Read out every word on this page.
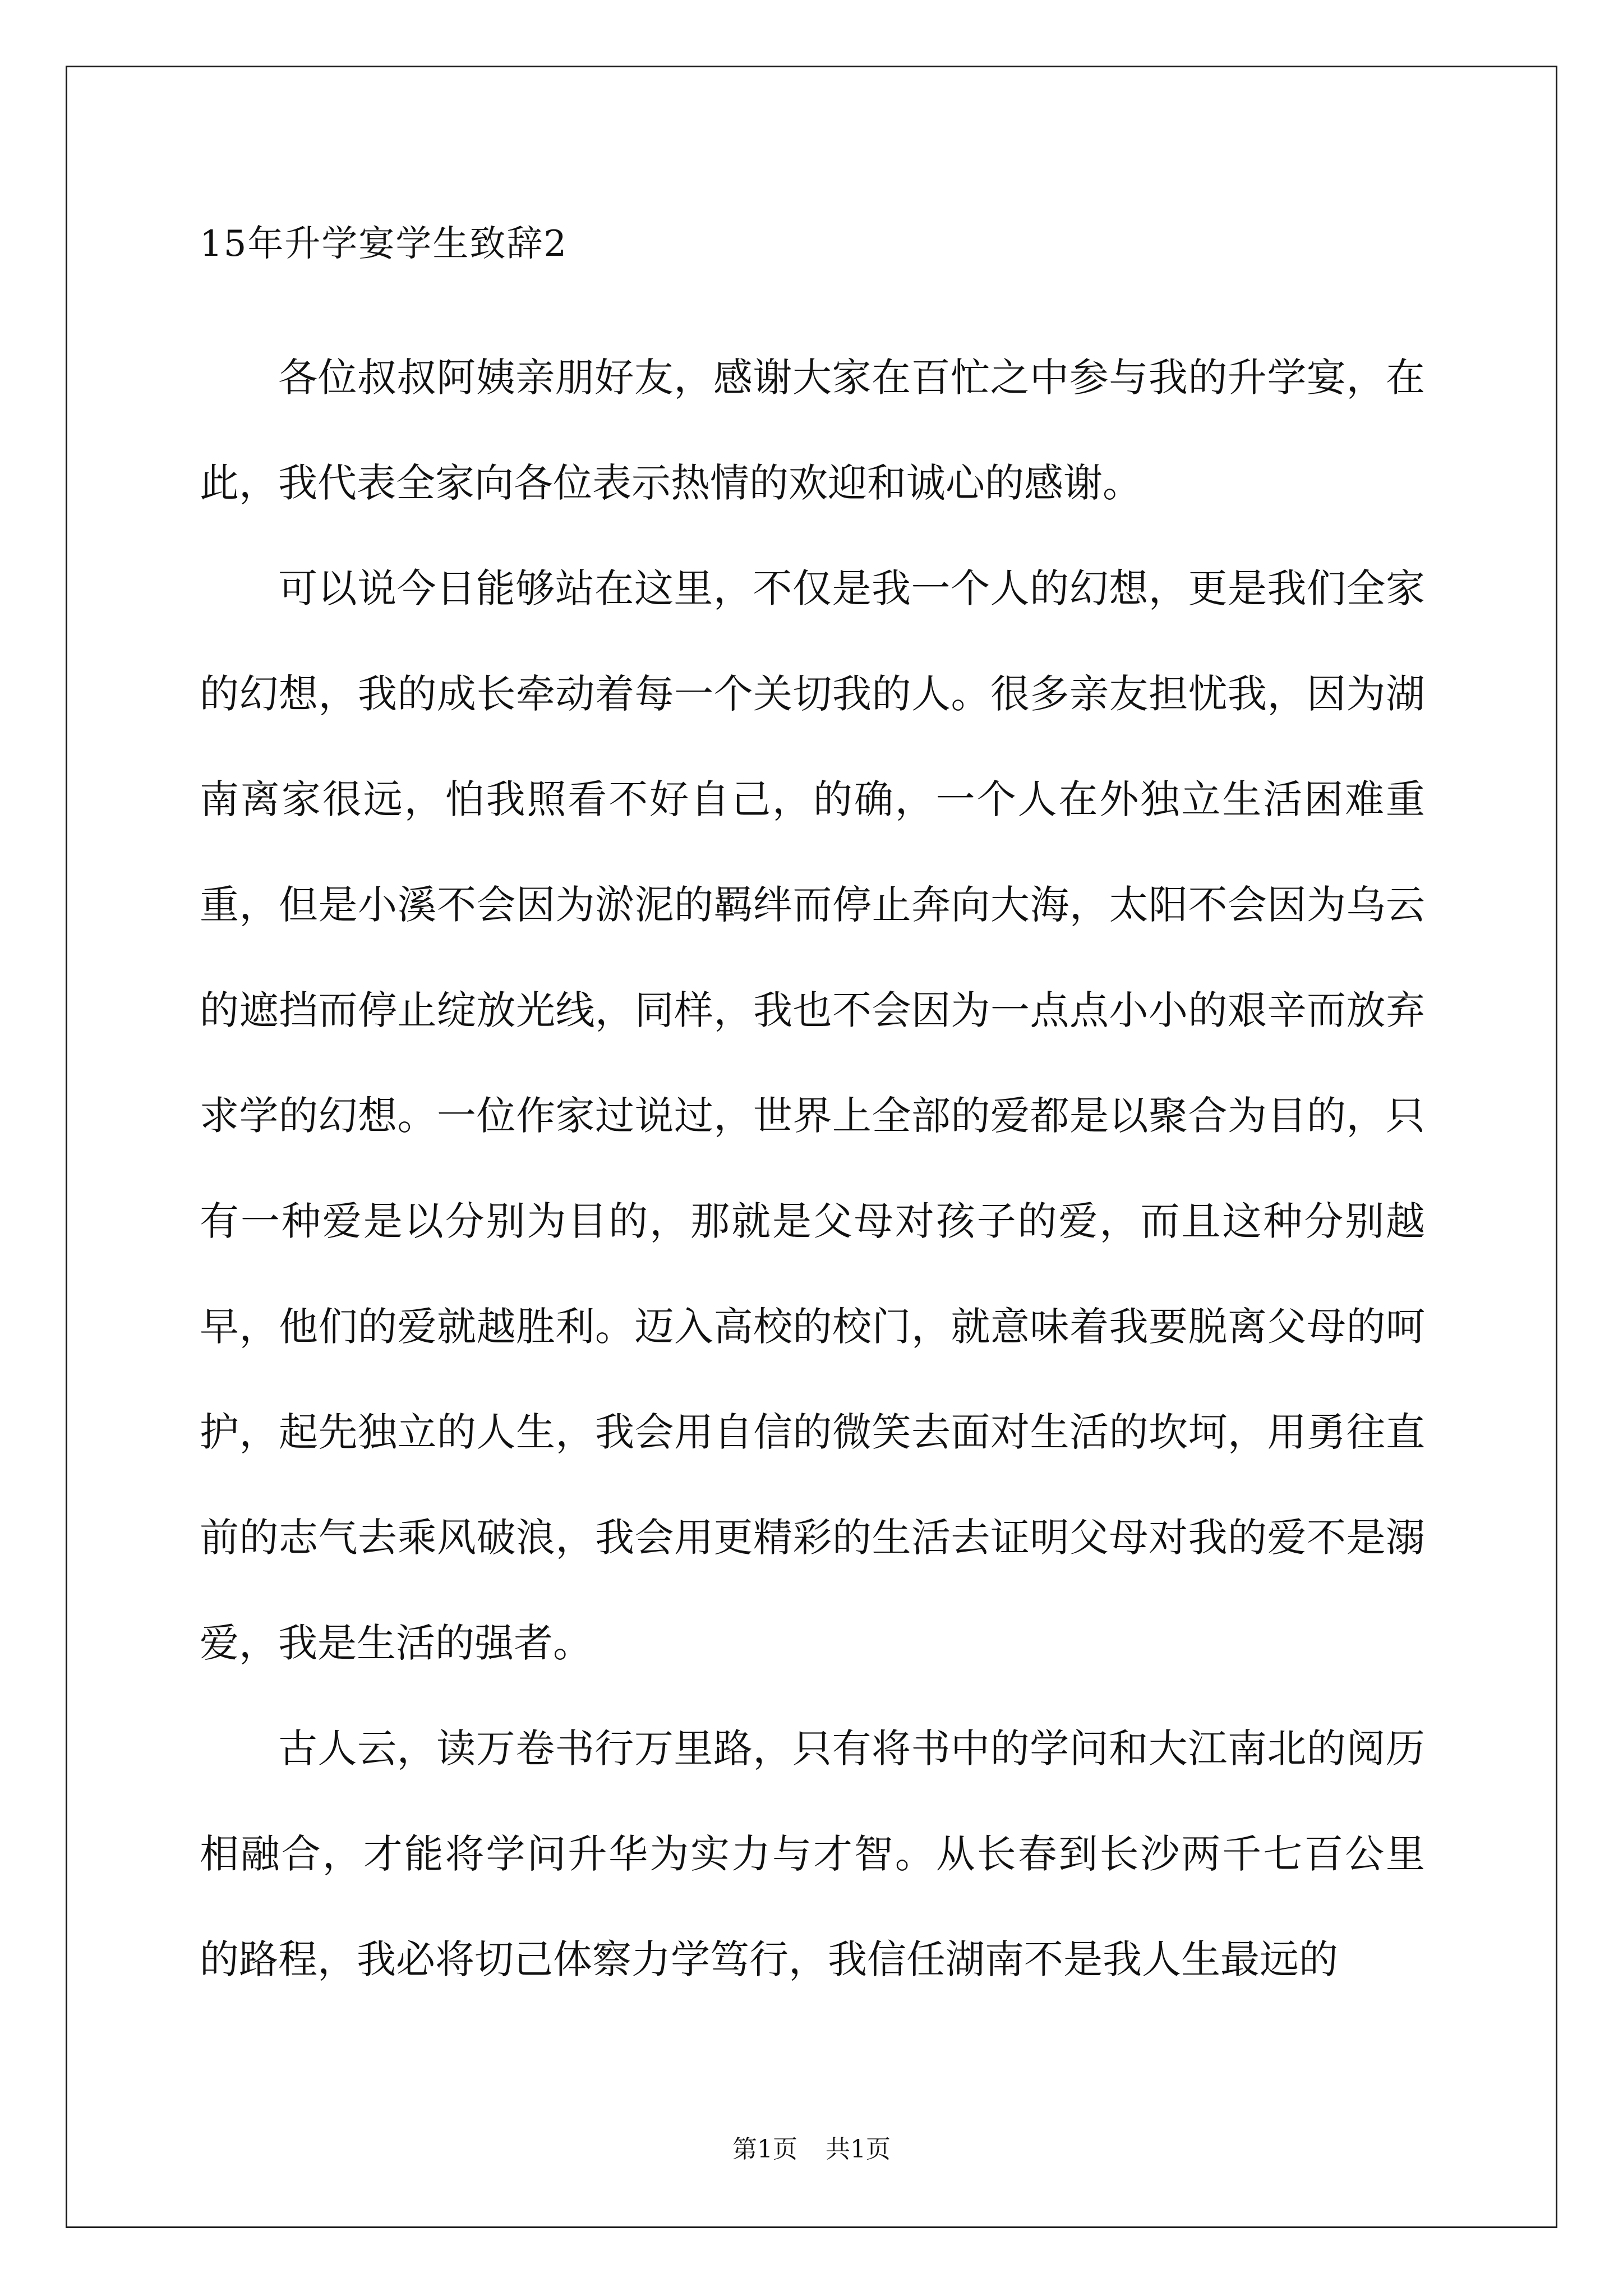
15年升学宴学生致辞2

各位叔叔阿姨亲朋好友，感谢大家在百忙之中参与我的升学宴，在此，我代表全家向各位表示热情的欢迎和诚心的感谢。

可以说今日能够站在这里，不仅是我一个人的幻想，更是我们全家的幻想，我的成长牵动着每一个关切我的人。很多亲友担忧我，因为湖南离家很远，怕我照看不好自己，的确，一个人在外独立生活困难重重，但是小溪不会因为淤泥的羁绊而停止奔向大海，太阳不会因为乌云的遮挡而停止绽放光线，同样，我也不会因为一点点小小的艰辛而放弃求学的幻想。一位作家过说过，世界上全部的爱都是以聚合为目的，只有一种爱是以分别为目的，那就是父母对孩子的爱，而且这种分别越早，他们的爱就越胜利。迈入高校的校门，就意味着我要脱离父母的呵护，起先独立的人生，我会用自信的微笑去面对生活的坎坷，用勇往直前的志气去乘风破浪，我会用更精彩的生活去证明父母对我的爱不是溺爱，我是生活的强者。

古人云，读万卷书行万里路，只有将书中的学问和大江南北的阅历相融合，才能将学问升华为实力与才智。从长春到长沙两千七百公里 的路程，我必将切己体察力学笃行，我信任湖南不是我人生最远的

第1页 共1页
